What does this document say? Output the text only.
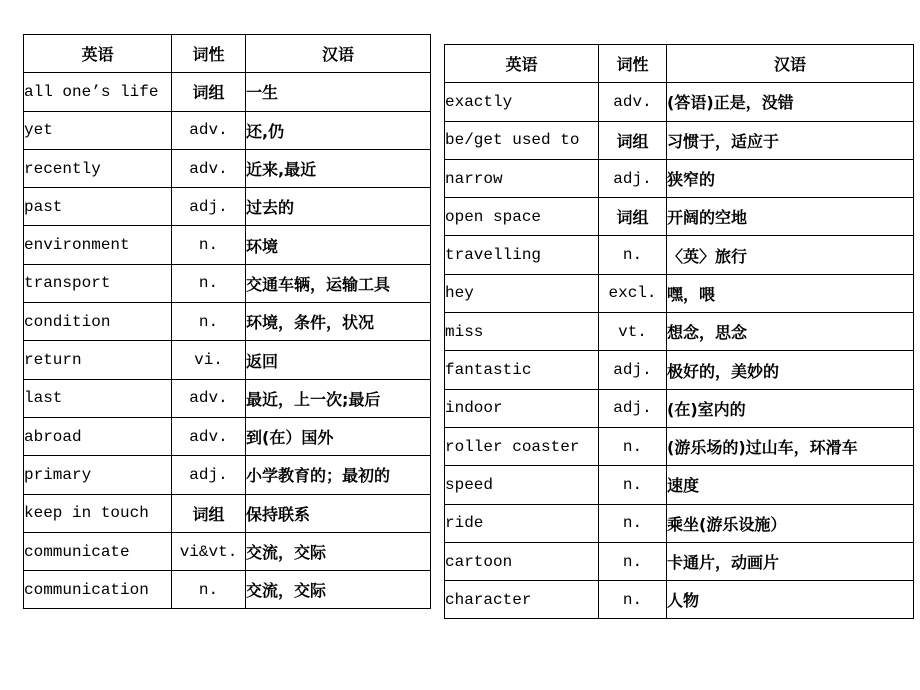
英语	词性	汉语
all one’s life	词组	一生
yet	adv.	还,仍
recently	adv.	近来,最近
past	adj.	过去的
environment	n.	环境
transport	n.	交通车辆，运输工具
condition	n.	环境，条件，状况
return	vi.	返回
last	adv.	最近，上一次;最后
abroad	adv.	到(在）国外
primary	adj.	小学教育的；最初的
keep in touch	词组	保持联系
communicate	vi&vt.	交流，交际
communication	n.	交流，交际
英语	词性	汉语
exactly	adv.	(答语)正是，没错
be/get used to	词组	习惯于，适应于
narrow	adj.	狭窄的
open space	词组	开阔的空地
travelling	n.	〈英〉旅行
hey	excl.	嘿，喂
miss	vt.	想念，思念
fantastic	adj.	极好的，美妙的
indoor	adj.	(在)室内的
roller coaster	n.	(游乐场的)过山车，环滑车
speed	n.	速度
ride	n.	乘坐(游乐设施）
cartoon	n.	卡通片，动画片
character	n.	人物
